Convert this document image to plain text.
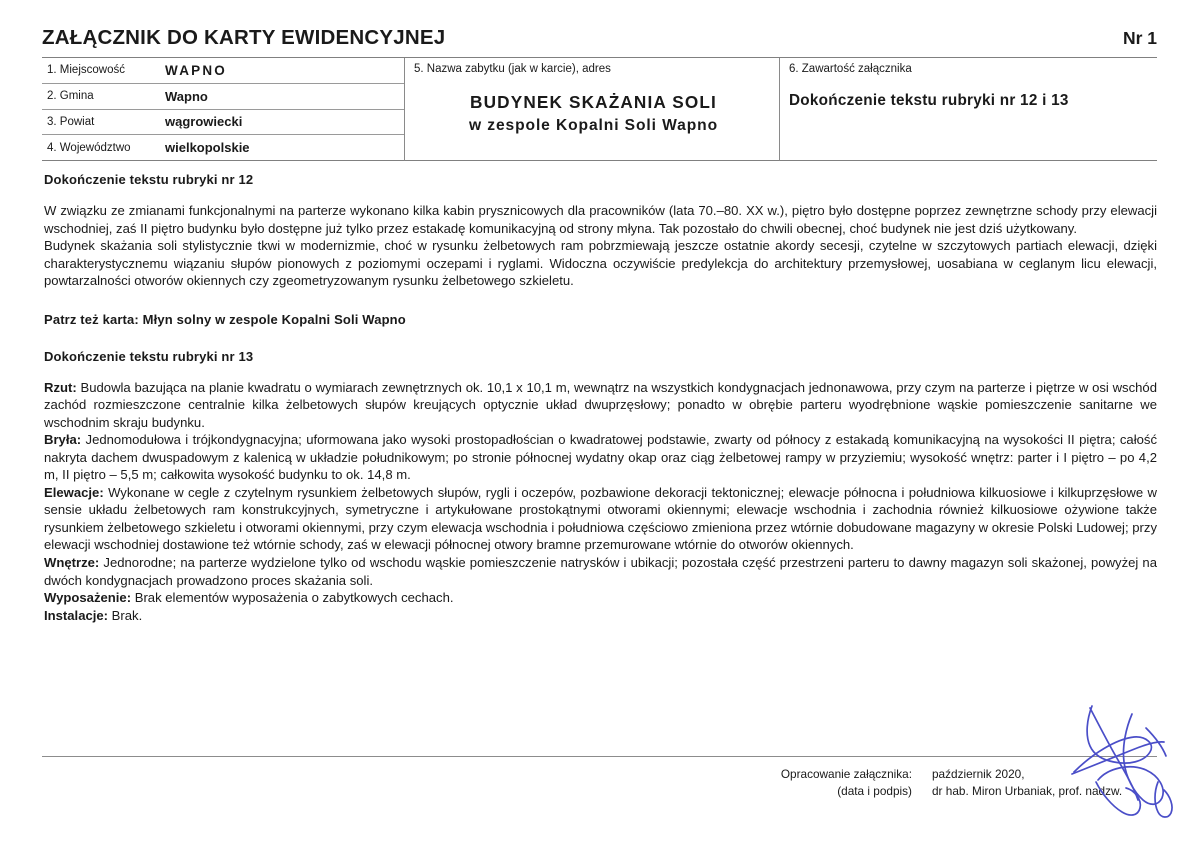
ZAŁĄCZNIK DO KARTY EWIDENCYJNEJ	Nr 1
1. Miejscowość	WAPNO
2. Gmina	Wapno
3. Powiat	wągrowiecki
4. Województwo	wielkopolskie
5. Nazwa zabytku (jak w karcie), adres
BUDYNEK SKAŻANIA SOLI
w zespole Kopalni Soli Wapno
6. Zawartość załącznika
Dokończenie tekstu rubryki nr 12 i 13
Dokończenie tekstu rubryki nr 12

W związku ze zmianami funkcjonalnymi na parterze wykonano kilka kabin prysznicowych dla pracowników (lata 70.–80. XX w.), piętro było dostępne poprzez zewnętrzne schody przy elewacji wschodniej, zaś II piętro budynku było dostępne już tylko przez estakadę komunikacyjną od strony młyna. Tak pozostało do chwili obecnej, choć budynek nie jest dziś użytkowany.

Budynek skażania soli stylistycznie tkwi w modernizmie, choć w rysunku żelbetowych ram pobrzmiewają jeszcze ostatnie akordy secesji, czytelne w szczytowych partiach elewacji, dzięki charakterystycznemu wiązaniu słupów pionowych z poziomymi oczepami i ryglami. Widoczna oczywiście predylekcja do architektury przemysłowej, uosabiana w ceglanym licu elewacji, powtarzalności otworów okiennych czy zgeometryzowanym rysunku żelbetowego szkieletu.

Patrz też karta: Młyn solny w zespole Kopalni Soli Wapno
Dokończenie tekstu rubryki nr 13

Rzut: Budowla bazująca na planie kwadratu o wymiarach zewnętrznych ok. 10,1 x 10,1 m, wewnątrz na wszystkich kondygnacjach jednonawowa, przy czym na parterze i piętrze w osi wschód zachód rozmieszczone centralnie kilka żelbetowych słupów kreujących optycznie układ dwuprzęsłowy; ponadto w obrębie parteru wyodrębnione wąskie pomieszczenie sanitarne we wschodnim skraju budynku.

Bryła: Jednomodułowa i trójkondygnacyjna; uformowana jako wysoki prostopadłościan o kwadratowej podstawie, zwarty od północy z estakadą komunikacyjną na wysokości II piętra; całość nakryta dachem dwuspadowym z kalenicą w układzie południkowym; po stronie północnej wydatny okap oraz ciąg żelbetowej rampy w przyziemiu; wysokość wnętrz: parter i I piętro – po 4,2 m, II piętro – 5,5 m; całkowita wysokość budynku to ok. 14,8 m.

Elewacje: Wykonane w cegle z czytelnym rysunkiem żelbetowych słupów, rygli i oczepów, pozbawione dekoracji tektonicznej; elewacje północna i południowa kilkuosiowe i kilkuprzęsłowe w sensie układu żelbetowych ram konstrukcyjnych, symetryczne i artykułowane prostokątnymi otworami okiennymi; elewacje wschodnia i zachodnia również kilkuosiowe ożywione także rysunkiem żelbetowego szkieletu i otworami okiennymi, przy czym elewacja wschodnia i południowa częściowo zmieniona przez wtórnie dobudowane magazyny w okresie Polski Ludowej; przy elewacji wschodniej dostawione też wtórnie schody, zaś w elewacji północnej otwory bramne przemurowane wtórnie do otworów okiennych.

Wnętrze: Jednorodne; na parterze wydzielone tylko od wschodu wąskie pomieszczenie natrysków i ubikacji; pozostała część przestrzeni parteru to dawny magazyn soli skażonej, powyżej na dwóch kondygnacjach prowadzono proces skażania soli.

Wyposażenie: Brak elementów wyposażenia o zabytkowych cechach.

Instalacje: Brak.

Opracowanie załącznika:
(data i podpis)
październik 2020,
dr hab. Miron Urbaniak, prof. nadzw.
